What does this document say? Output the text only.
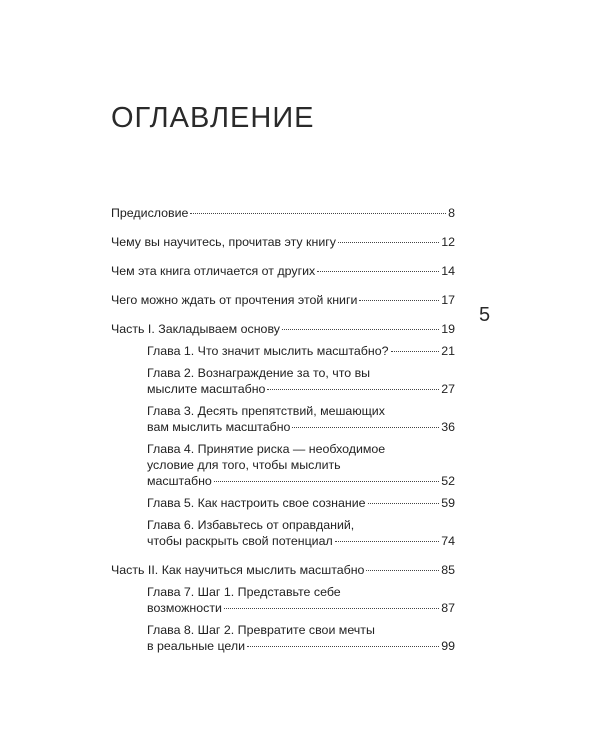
ОГЛАВЛЕНИЕ
5
Предисловие	8
Чему вы научитесь, прочитав эту книгу	12
Чем эта книга отличается от других	14
Чего можно ждать от прочтения этой книги	17
Часть I. Закладываем основу	19
Глава 1. Что значит мыслить масштабно?	21
Глава 2. Вознаграждение за то, что вы
мыслите масштабно	27
Глава 3. Десять препятствий, мешающих
вам мыслить масштабно	36
Глава 4. Принятие риска — необходимое
условие для того, чтобы мыслить
масштабно	52
Глава 5. Как настроить свое сознание	59
Глава 6. Избавьтесь от оправданий,
чтобы раскрыть свой потенциал	74
Часть II. Как научиться мыслить масштабно	85
Глава 7. Шаг 1. Представьте себе
возможности	87
Глава 8. Шаг 2. Превратите свои мечты
в реальные цели	99
